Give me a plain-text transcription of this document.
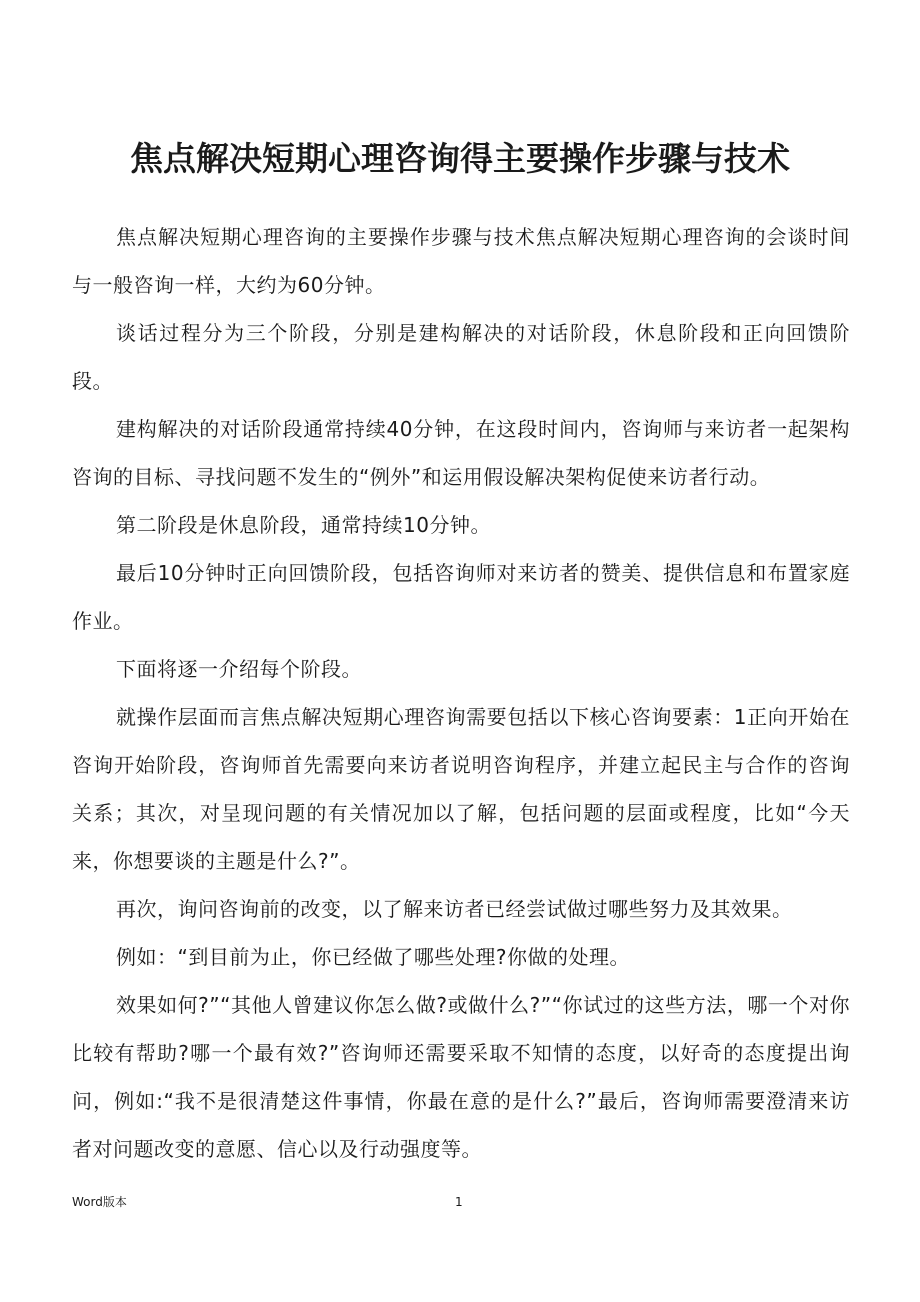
焦点解决短期心理咨询得主要操作步骤与技术

焦点解决短期心理咨询的主要操作步骤与技术焦点解决短期心理咨询的会谈时间与一般咨询一样，大约为60分钟。

谈话过程分为三个阶段，分别是建构解决的对话阶段，休息阶段和正向回馈阶段。

建构解决的对话阶段通常持续40分钟，在这段时间内，咨询师与来访者一起架构咨询的目标、寻找问题不发生的“例外”和运用假设解决架构促使来访者行动。

第二阶段是休息阶段，通常持续10分钟。

最后10分钟时正向回馈阶段，包括咨询师对来访者的赞美、提供信息和布置家庭作业。

下面将逐一介绍每个阶段。

就操作层面而言焦点解决短期心理咨询需要包括以下核心咨询要素：1正向开始在咨询开始阶段，咨询师首先需要向来访者说明咨询程序，并建立起民主与合作的咨询关系；其次，对呈现问题的有关情况加以了解，包括问题的层面或程度，比如“今天来，你想要谈的主题是什么?”。

再次，询问咨询前的改变，以了解来访者已经尝试做过哪些努力及其效果。

例如：“到目前为止，你已经做了哪些处理?你做的处理。

效果如何?”“其他人曾建议你怎么做?或做什么?”“你试过的这些方法，哪一个对你比较有帮助?哪一个最有效?”咨询师还需要采取不知情的态度，以好奇的态度提出询问，例如:“我不是很清楚这件事情，你最在意的是什么?”最后，咨询师需要澄清来访者对问题改变的意愿、信心以及行动强度等。

Word版本	1
